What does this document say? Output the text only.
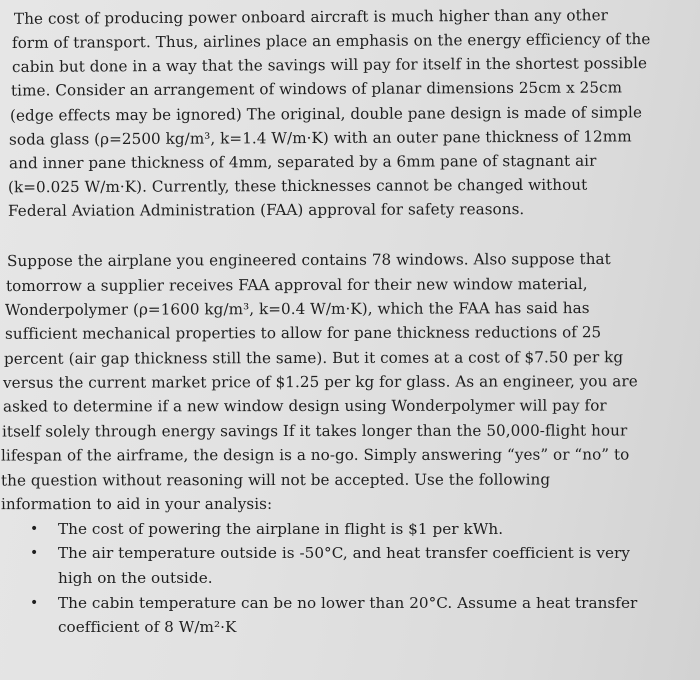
The cost of producing power onboard aircraft is much higher than any other
form of transport. Thus, airlines place an emphasis on the energy efficiency of the
cabin but done in a way that the savings will pay for itself in the shortest possible
time. Consider an arrangement of windows of planar dimensions 25cm x 25cm
(edge effects may be ignored) The original, double pane design is made of simple
soda glass (ρ=2500 kg/m³, k=1.4 W/m·K) with an outer pane thickness of 12mm
and inner pane thickness of 4mm, separated by a 6mm pane of stagnant air
(k=0.025 W/m·K). Currently, these thicknesses cannot be changed without
Federal Aviation Administration (FAA) approval for safety reasons.
Suppose the airplane you engineered contains 78 windows. Also suppose that
tomorrow a supplier receives FAA approval for their new window material,
Wonderpolymer (ρ=1600 kg/m³, k=0.4 W/m·K), which the FAA has said has
sufficient mechanical properties to allow for pane thickness reductions of 25
percent (air gap thickness still the same). But it comes at a cost of $7.50 per kg
versus the current market price of $1.25 per kg for glass. As an engineer, you are
asked to determine if a new window design using Wonderpolymer will pay for
itself solely through energy savings If it takes longer than the 50,000-flight hour
lifespan of the airframe, the design is a no-go. Simply answering “yes” or “no” to
the question without reasoning will not be accepted. Use the following
information to aid in your analysis:
• The cost of powering the airplane in flight is $1 per kWh.
• The air temperature outside is -50°C, and heat transfer coefficient is very
high on the outside.
• The cabin temperature can be no lower than 20°C. Assume a heat transfer
coefficient of 8 W/m²·K
